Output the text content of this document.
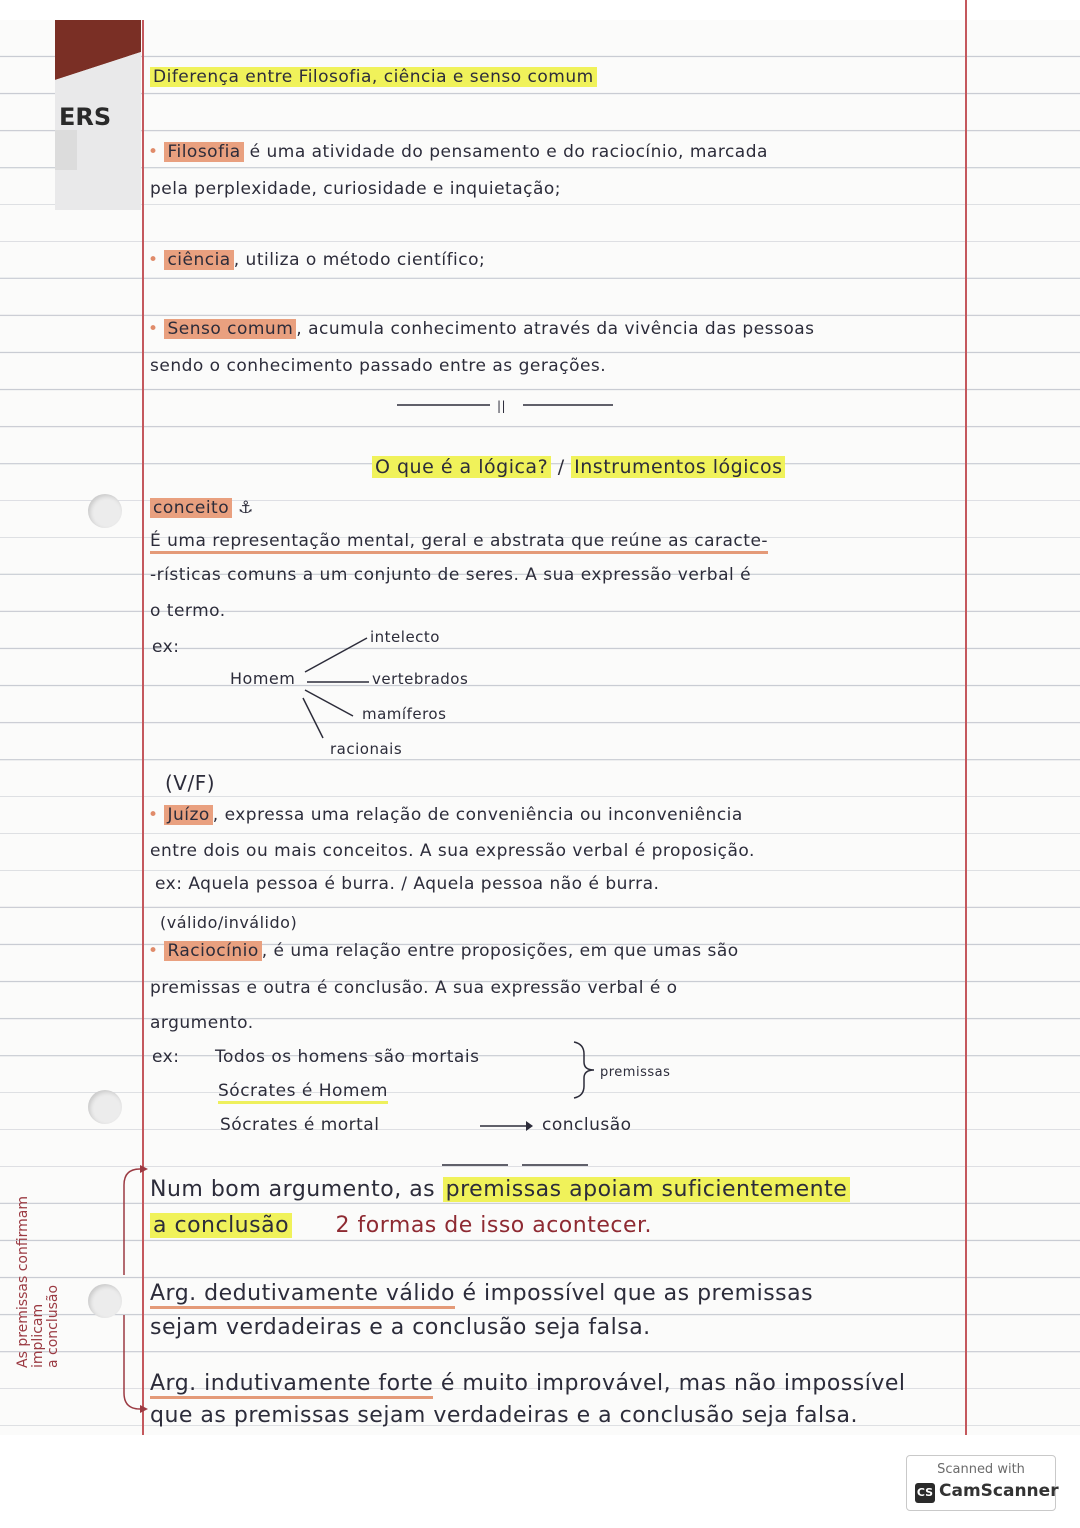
ERS
Diferença entre Filosofia, ciência e senso comum
• Filosofia é uma atividade do pensamento e do raciocínio, marcada
pela perplexidade, curiosidade e inquietação;
• ciência , utiliza o método científico;
• Senso comum , acumula conhecimento através da vivência das pessoas
sendo o conhecimento passado entre as gerações.
||
O que é a lógica? / Instrumentos lógicos
conceito ⚓
É uma representação mental, geral e abstrata que reúne as caracte-
-rísticas comuns a um conjunto de seres. A sua expressão verbal é
o termo.
ex:
Homem
intelecto
vertebrados
mamíferos
racionais
(V/F)
• Juízo , expressa uma relação de conveniência ou inconveniência
entre dois ou mais conceitos. A sua expressão verbal é proposição.
ex: Aquela pessoa é burra. / Aquela pessoa não é burra.
(válido/inválido)
• Raciocínio , é uma relação entre proposições, em que umas são
premissas e outra é conclusão. A sua expressão verbal é o
argumento.
ex: Todos os homens são mortais
Sócrates é Homem
Sócrates é mortal
premissas
conclusão
Num bom argumento, as premissas apoiam suficientemente
a conclusão 2 formas de isso acontecer.
Arg. dedutivamente válido é impossível que as premissas
sejam verdadeiras e a conclusão seja falsa.
Arg. indutivamente forte é muito improvável, mas não impossível
que as premissas sejam verdadeiras e a conclusão seja falsa.
As premissas confirmam implicam a conclusão
Scanned with
CS CamScanner
